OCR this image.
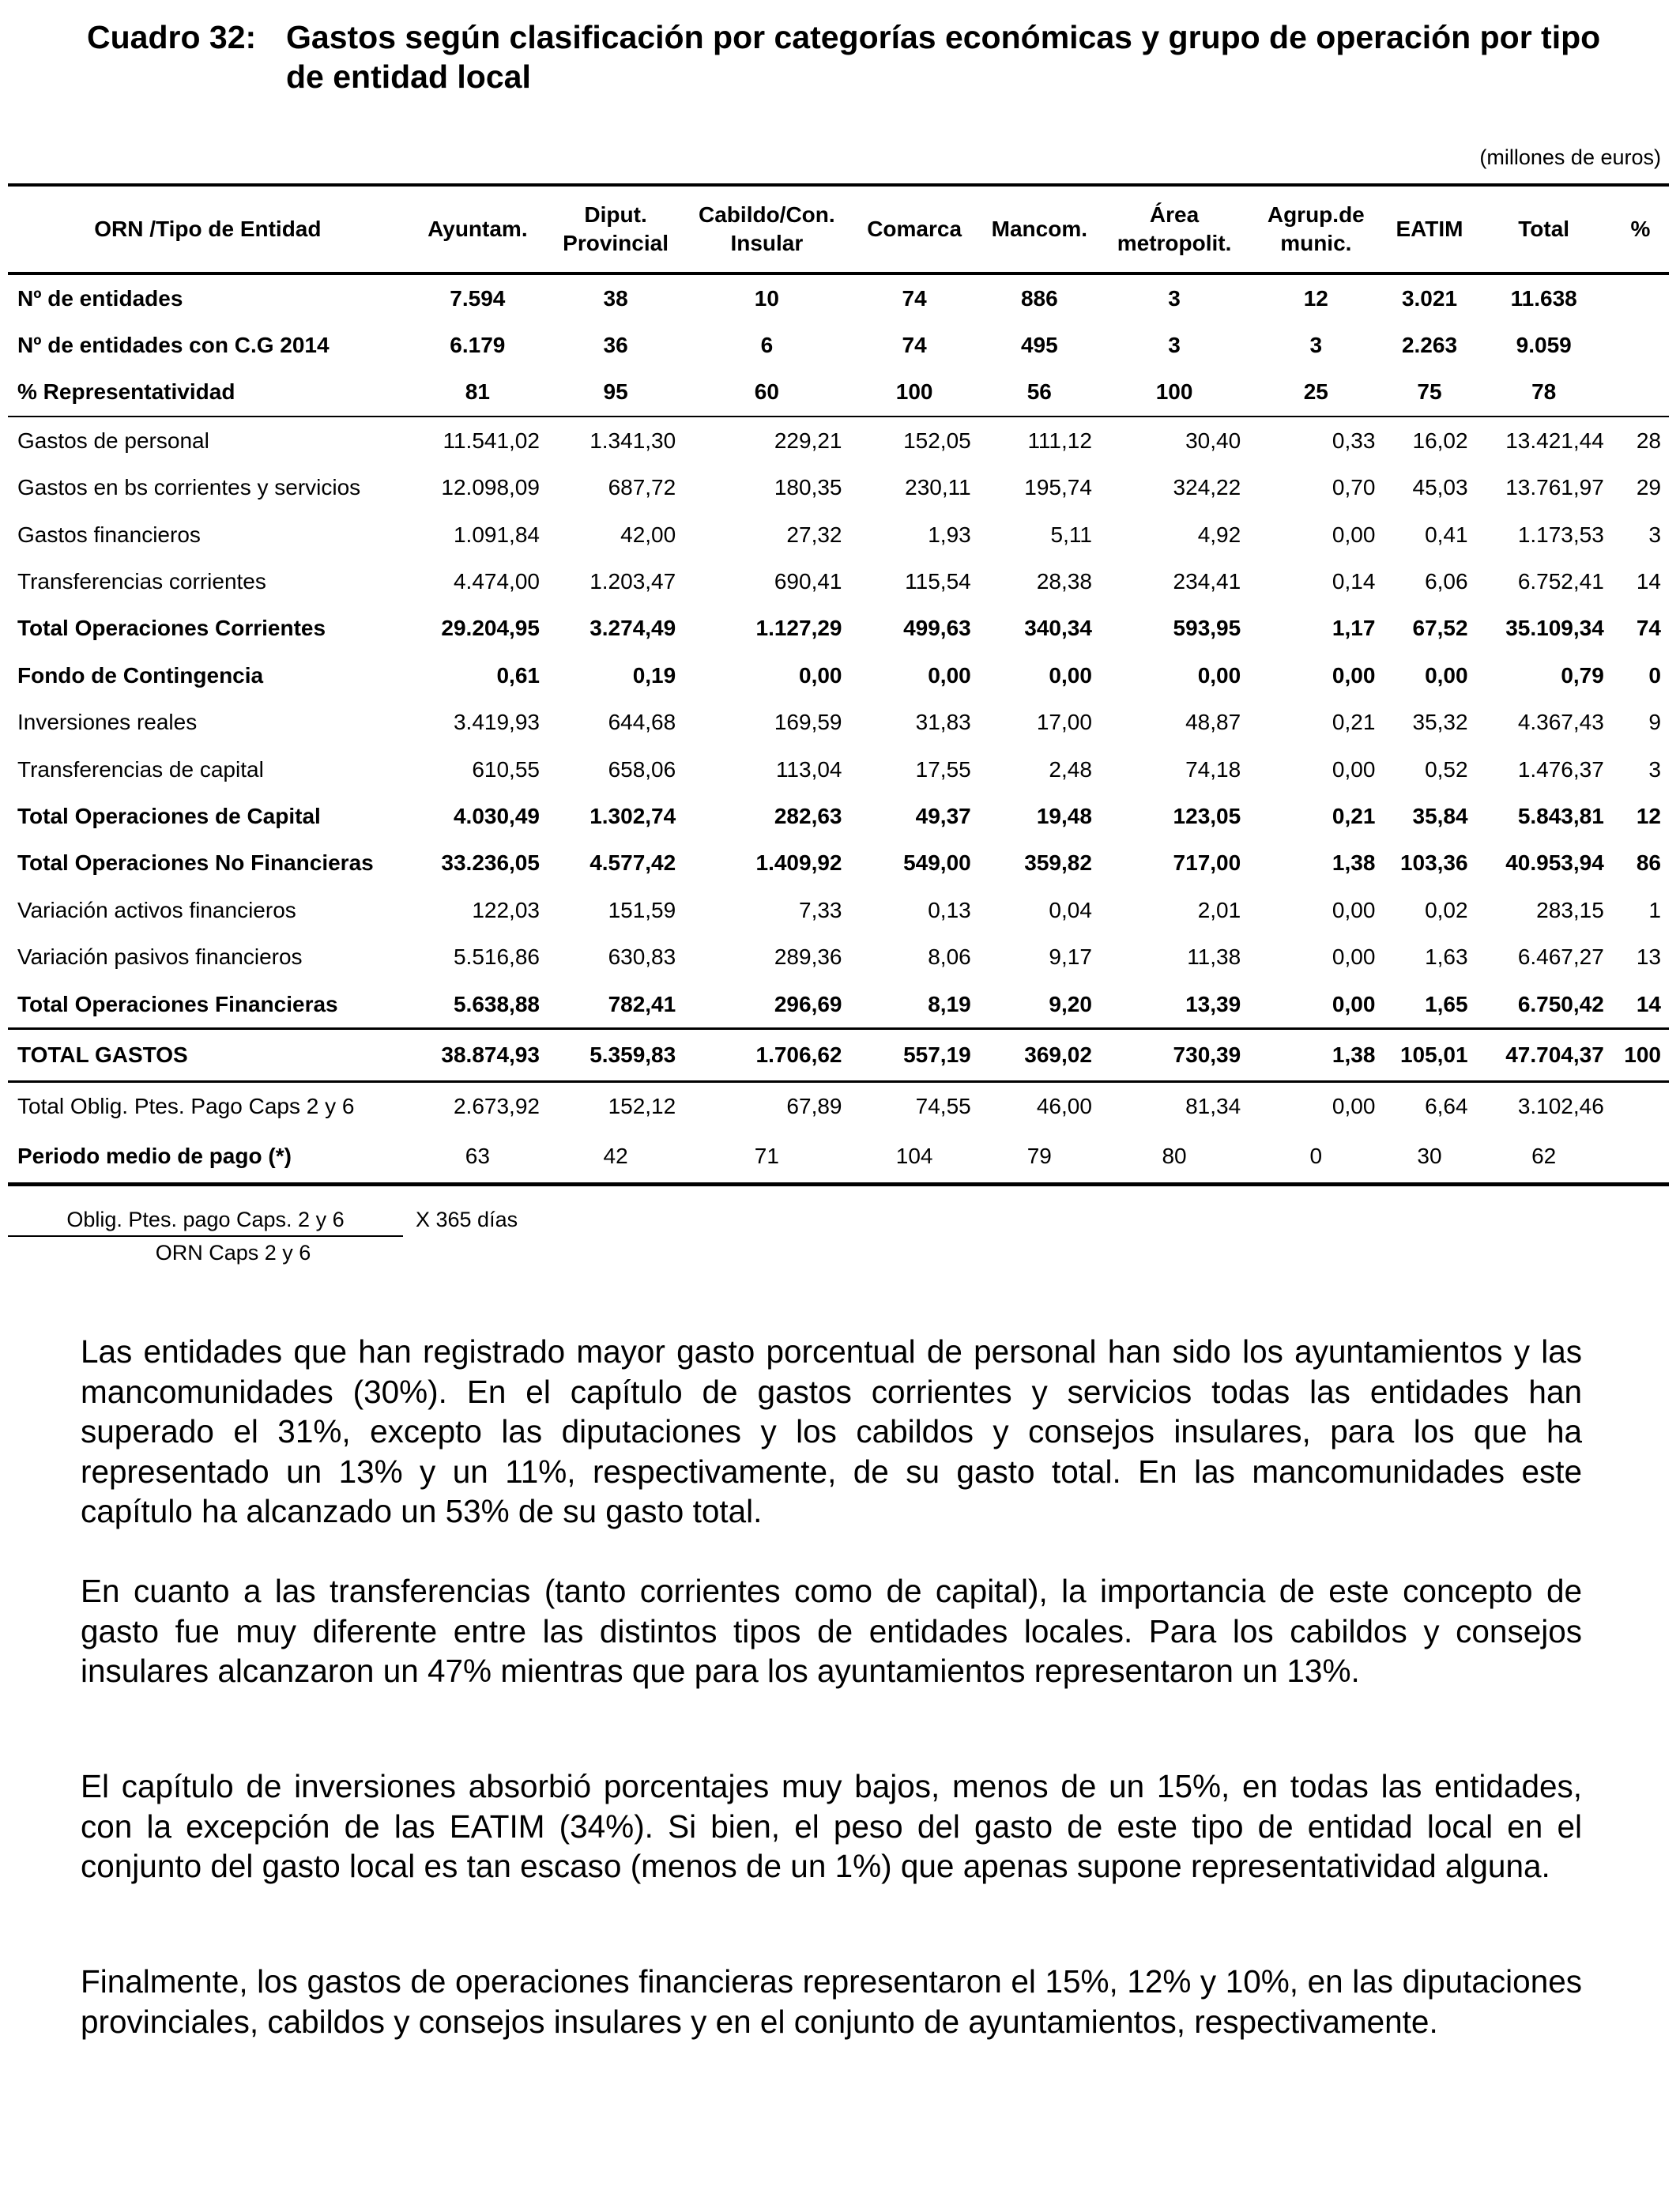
Cuadro 32: Gastos según clasificación por categorías económicas y grupo de operación por tipo de entidad local
(millones de euros)
ORN /Tipo de Entidad	Ayuntam.	Diput. Provincial	Cabildo/Con. Insular	Comarca	Mancom.	Área metropolit.	Agrup.de munic.	EATIM	Total	%
Nº de entidades	7.594	38	10	74	886	3	12	3.021	11.638	
Nº de entidades con C.G 2014	6.179	36	6	74	495	3	3	2.263	9.059	
% Representatividad	81	95	60	100	56	100	25	75	78	
Gastos de personal	11.541,02	1.341,30	229,21	152,05	111,12	30,40	0,33	16,02	13.421,44	28
Gastos en bs corrientes y servicios	12.098,09	687,72	180,35	230,11	195,74	324,22	0,70	45,03	13.761,97	29
Gastos financieros	1.091,84	42,00	27,32	1,93	5,11	4,92	0,00	0,41	1.173,53	3
Transferencias corrientes	4.474,00	1.203,47	690,41	115,54	28,38	234,41	0,14	6,06	6.752,41	14
Total Operaciones Corrientes	29.204,95	3.274,49	1.127,29	499,63	340,34	593,95	1,17	67,52	35.109,34	74
Fondo de Contingencia	0,61	0,19	0,00	0,00	0,00	0,00	0,00	0,00	0,79	0
Inversiones reales	3.419,93	644,68	169,59	31,83	17,00	48,87	0,21	35,32	4.367,43	9
Transferencias de capital	610,55	658,06	113,04	17,55	2,48	74,18	0,00	0,52	1.476,37	3
Total Operaciones de Capital	4.030,49	1.302,74	282,63	49,37	19,48	123,05	0,21	35,84	5.843,81	12
Total Operaciones No Financieras	33.236,05	4.577,42	1.409,92	549,00	359,82	717,00	1,38	103,36	40.953,94	86
Variación activos financieros	122,03	151,59	7,33	0,13	0,04	2,01	0,00	0,02	283,15	1
Variación pasivos financieros	5.516,86	630,83	289,36	8,06	9,17	11,38	0,00	1,63	6.467,27	13
Total Operaciones Financieras	5.638,88	782,41	296,69	8,19	9,20	13,39	0,00	1,65	6.750,42	14
TOTAL GASTOS	38.874,93	5.359,83	1.706,62	557,19	369,02	730,39	1,38	105,01	47.704,37	100
Total Oblig. Ptes. Pago Caps 2 y 6	2.673,92	152,12	67,89	74,55	46,00	81,34	0,00	6,64	3.102,46	
Periodo medio de pago (*)	63	42	71	104	79	80	0	30	62	
Oblig. Ptes. pago Caps. 2 y 6
ORN Caps 2 y 6
X 365 días

Las entidades que han registrado mayor gasto porcentual de personal han sido los ayuntamientos y las mancomunidades (30%). En el capítulo de gastos corrientes y servicios todas las entidades han superado el 31%, excepto las diputaciones y los cabildos y consejos insulares, para los que ha representado un 13% y un 11%, respectivamente, de su gasto total. En las mancomunidades este capítulo ha alcanzado un 53% de su gasto total.

En cuanto a las transferencias (tanto corrientes como de capital), la importancia de este concepto de gasto fue muy diferente entre las distintos tipos de entidades locales. Para los cabildos y consejos insulares alcanzaron un 47% mientras que para los ayuntamientos representaron un 13%.

El capítulo de inversiones absorbió porcentajes muy bajos, menos de un 15%, en todas las entidades, con la excepción de las EATIM (34%). Si bien, el peso del gasto de este tipo de entidad local en el conjunto del gasto local es tan escaso (menos de un 1%) que apenas supone representatividad alguna.

Finalmente, los gastos de operaciones financieras representaron el 15%, 12% y 10%, en las diputaciones provinciales, cabildos y consejos insulares y en el conjunto de ayuntamientos, respectivamente.
